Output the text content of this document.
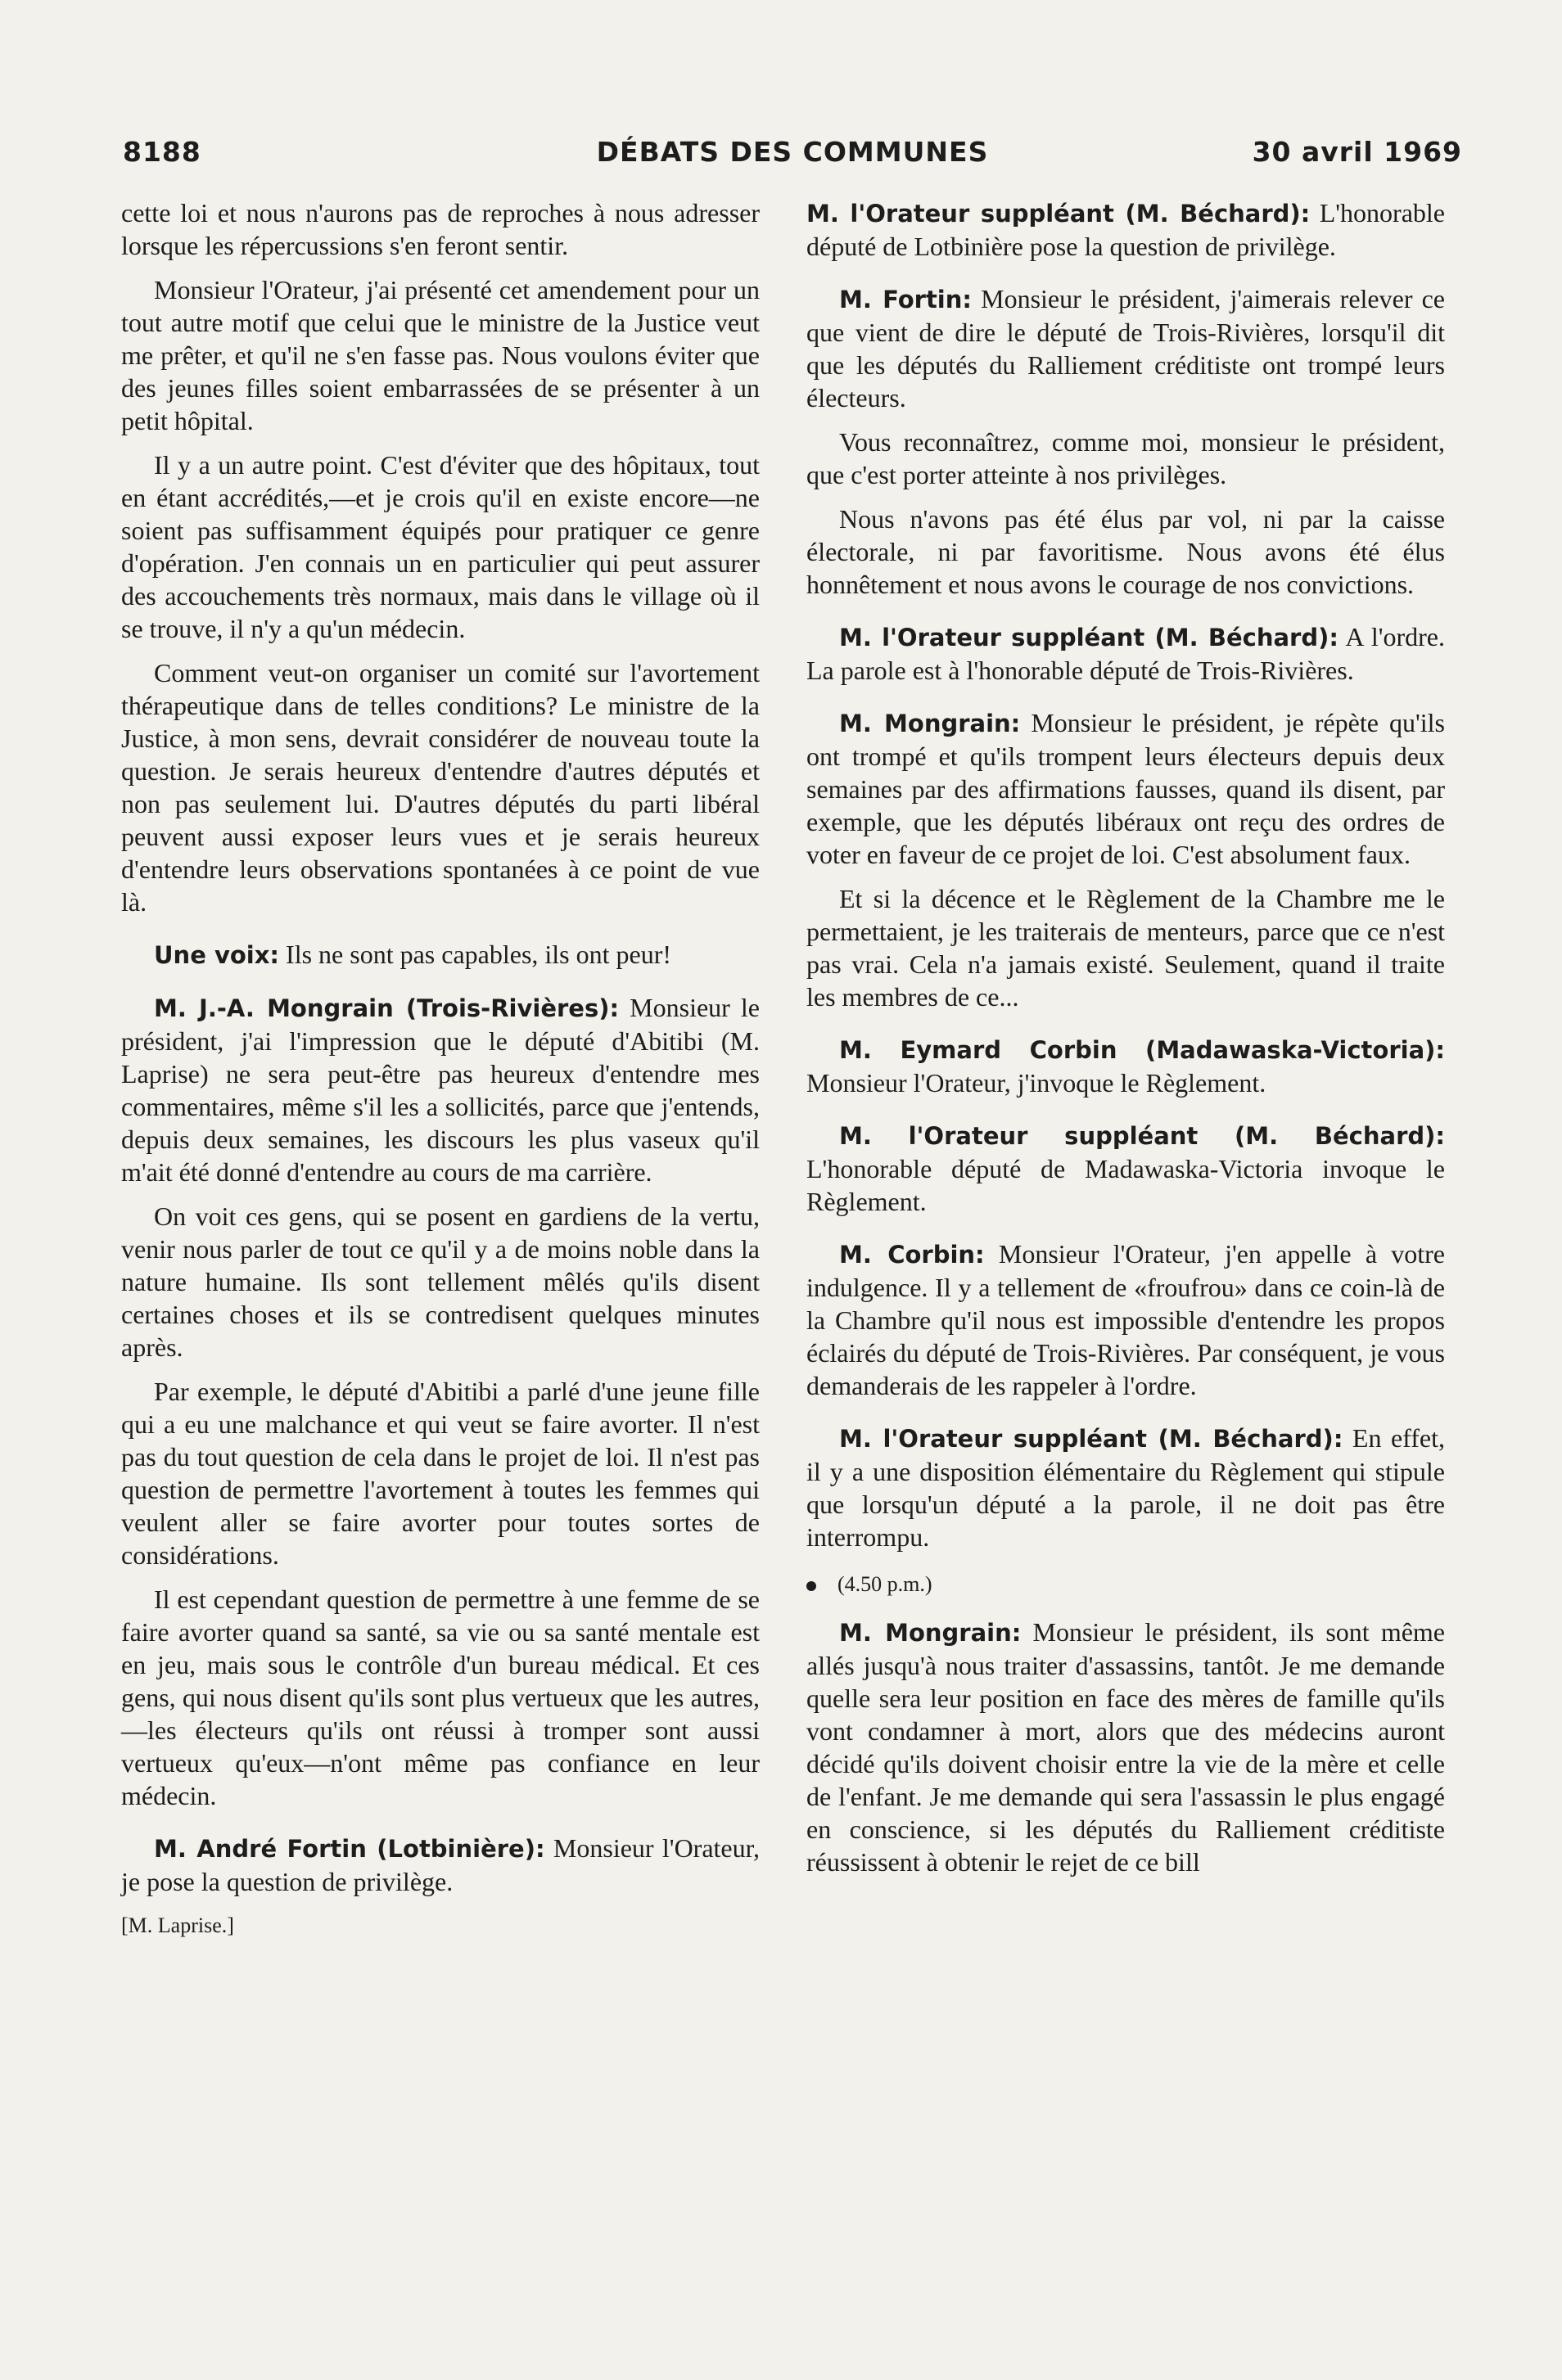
8188	DÉBATS DES COMMUNES	30 avril 1969

cette loi et nous n'aurons pas de reproches à nous adresser lorsque les répercussions s'en feront sentir.

Monsieur l'Orateur, j'ai présenté cet amendement pour un tout autre motif que celui que le ministre de la Justice veut me prêter, et qu'il ne s'en fasse pas. Nous voulons éviter que des jeunes filles soient embarrassées de se présenter à un petit hôpital.

Il y a un autre point. C'est d'éviter que des hôpitaux, tout en étant accrédités,—et je crois qu'il en existe encore—ne soient pas suffisamment équipés pour pratiquer ce genre d'opération. J'en connais un en particulier qui peut assurer des accouchements très normaux, mais dans le village où il se trouve, il n'y a qu'un médecin.

Comment veut-on organiser un comité sur l'avortement thérapeutique dans de telles conditions? Le ministre de la Justice, à mon sens, devrait considérer de nouveau toute la question. Je serais heureux d'entendre d'autres députés et non pas seulement lui. D'autres députés du parti libéral peuvent aussi exposer leurs vues et je serais heureux d'entendre leurs observations spontanées à ce point de vue là.

Une voix: Ils ne sont pas capables, ils ont peur!

M. J.-A. Mongrain (Trois-Rivières): Monsieur le président, j'ai l'impression que le député d'Abitibi (M. Laprise) ne sera peut-être pas heureux d'entendre mes commentaires, même s'il les a sollicités, parce que j'entends, depuis deux semaines, les discours les plus vaseux qu'il m'ait été donné d'entendre au cours de ma carrière.

On voit ces gens, qui se posent en gardiens de la vertu, venir nous parler de tout ce qu'il y a de moins noble dans la nature humaine. Ils sont tellement mêlés qu'ils disent certaines choses et ils se contredisent quelques minutes après.

Par exemple, le député d'Abitibi a parlé d'une jeune fille qui a eu une malchance et qui veut se faire avorter. Il n'est pas du tout question de cela dans le projet de loi. Il n'est pas question de permettre l'avortement à toutes les femmes qui veulent aller se faire avorter pour toutes sortes de considérations.

Il est cependant question de permettre à une femme de se faire avorter quand sa santé, sa vie ou sa santé mentale est en jeu, mais sous le contrôle d'un bureau médical. Et ces gens, qui nous disent qu'ils sont plus vertueux que les autres,—les électeurs qu'ils ont réussi à tromper sont aussi vertueux qu'eux—n'ont même pas confiance en leur médecin.

M. André Fortin (Lotbinière): Monsieur l'Orateur, je pose la question de privilège.

[M. Laprise.]

M. l'Orateur suppléant (M. Béchard): L'honorable député de Lotbinière pose la question de privilège.

M. Fortin: Monsieur le président, j'aimerais relever ce que vient de dire le député de Trois-Rivières, lorsqu'il dit que les députés du Ralliement créditiste ont trompé leurs électeurs.

Vous reconnaîtrez, comme moi, monsieur le président, que c'est porter atteinte à nos privilèges.

Nous n'avons pas été élus par vol, ni par la caisse électorale, ni par favoritisme. Nous avons été élus honnêtement et nous avons le courage de nos convictions.

M. l'Orateur suppléant (M. Béchard): A l'ordre. La parole est à l'honorable député de Trois-Rivières.

M. Mongrain: Monsieur le président, je répète qu'ils ont trompé et qu'ils trompent leurs électeurs depuis deux semaines par des affirmations fausses, quand ils disent, par exemple, que les députés libéraux ont reçu des ordres de voter en faveur de ce projet de loi. C'est absolument faux.

Et si la décence et le Règlement de la Chambre me le permettaient, je les traiterais de menteurs, parce que ce n'est pas vrai. Cela n'a jamais existé. Seulement, quand il traite les membres de ce...

M. Eymard Corbin (Madawaska-Victoria): Monsieur l'Orateur, j'invoque le Règlement.

M. l'Orateur suppléant (M. Béchard): L'honorable député de Madawaska-Victoria invoque le Règlement.

M. Corbin: Monsieur l'Orateur, j'en appelle à votre indulgence. Il y a tellement de «froufrou» dans ce coin-là de la Chambre qu'il nous est impossible d'entendre les propos éclairés du député de Trois-Rivières. Par conséquent, je vous demanderais de les rappeler à l'ordre.

M. l'Orateur suppléant (M. Béchard): En effet, il y a une disposition élémentaire du Règlement qui stipule que lorsqu'un député a la parole, il ne doit pas être interrompu.

(4.50 p.m.)

M. Mongrain: Monsieur le président, ils sont même allés jusqu'à nous traiter d'assassins, tantôt. Je me demande quelle sera leur position en face des mères de famille qu'ils vont condamner à mort, alors que des médecins auront décidé qu'ils doivent choisir entre la vie de la mère et celle de l'enfant. Je me demande qui sera l'assassin le plus engagé en conscience, si les députés du Ralliement créditiste réussissent à obtenir le rejet de ce bill
